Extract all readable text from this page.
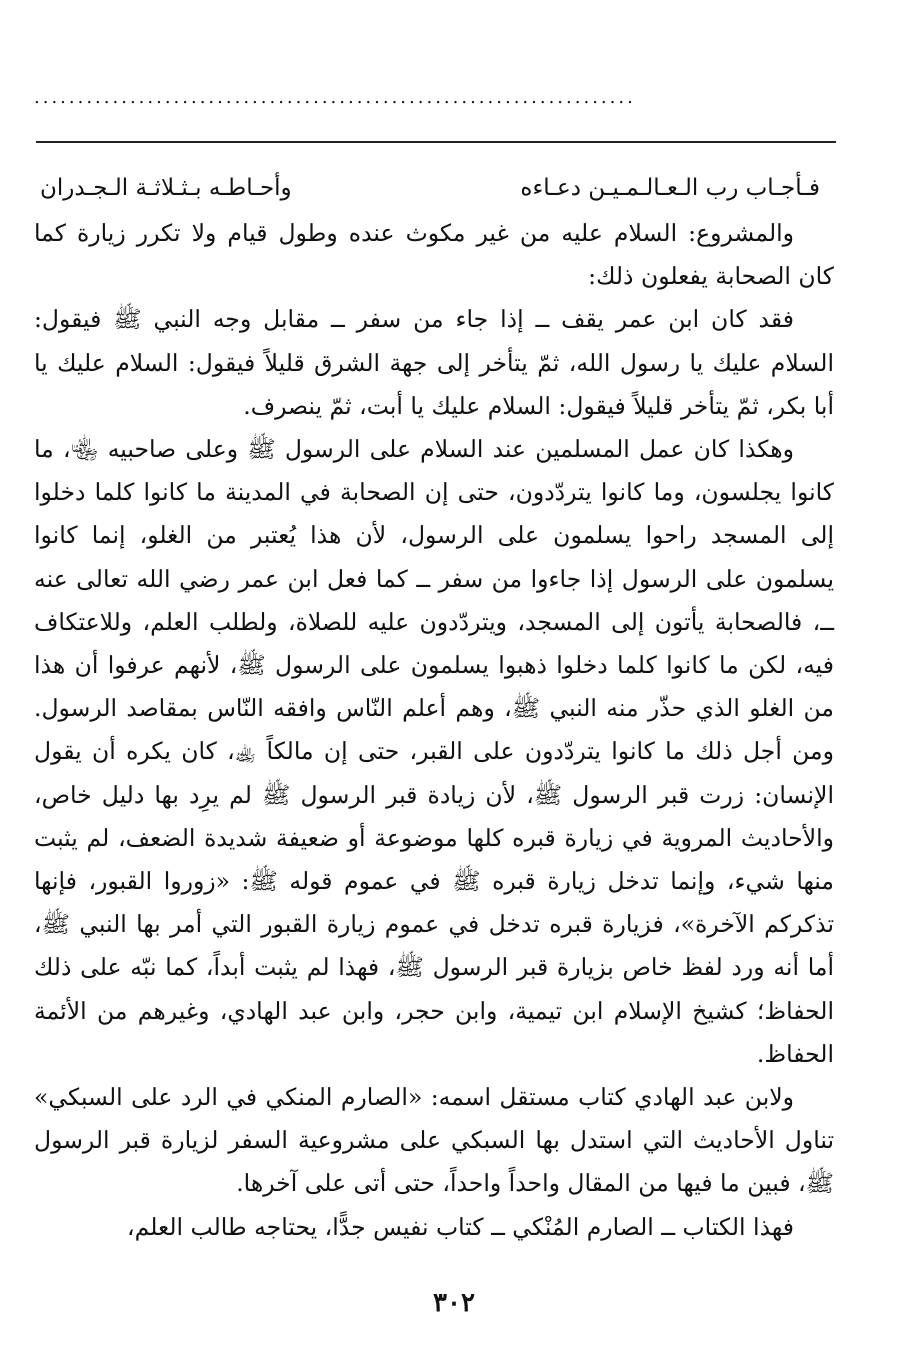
.....................................................................
فـأجـاب رب الـعـالـمـيـن دعـاءه
وأحـاطـه بـثـلاثـة الـجـدران

والمشروع: السلام عليه من غير مكوث عنده وطول قيام ولا تكرر زيارة كما كان الصحابة يفعلون ذلك:

فقد كان ابن عمر يقف ــ إذا جاء من سفر ــ مقابل وجه النبي ﷺ فيقول: السلام عليك يا رسول الله، ثمّ يتأخر إلى جهة الشرق قليلاً فيقول: السلام عليك يا أبا بكر، ثمّ يتأخر قليلاً فيقول: السلام عليك يا أبت، ثمّ ينصرف.

وهكذا كان عمل المسلمين عند السلام على الرسول ﷺ وعلى صاحبيه ﵄، ما كانوا يجلسون، وما كانوا يتردّدون، حتى إن الصحابة في المدينة ما كانوا كلما دخلوا إلى المسجد راحوا يسلمون على الرسول، لأن هذا يُعتبر من الغلو، إنما كانوا يسلمون على الرسول إذا جاءوا من سفر ــ كما فعل ابن عمر رضي الله تعالى عنه ــ، فالصحابة يأتون إلى المسجد، ويتردّدون عليه للصلاة، ولطلب العلم، وللاعتكاف فيه، لكن ما كانوا كلما دخلوا ذهبوا يسلمون على الرسول ﷺ، لأنهم عرفوا أن هذا من الغلو الذي حذّر منه النبي ﷺ، وهم أعلم النّاس وافقه النّاس بمقاصد الرسول. ومن أجل ذلك ما كانوا يتردّدون على القبر، حتى إن مالكاً ﵀، كان يكره أن يقول الإنسان: زرت قبر الرسول ﷺ، لأن زيادة قبر الرسول ﷺ لم يرِد بها دليل خاص، والأحاديث المروية في زيارة قبره كلها موضوعة أو ضعيفة شديدة الضعف، لم يثبت منها شيء، وإنما تدخل زيارة قبره ﷺ في عموم قوله ﷺ: «زوروا القبور، فإنها تذكركم الآخرة»، فزيارة قبره تدخل في عموم زيارة القبور التي أمر بها النبي ﷺ، أما أنه ورد لفظ خاص بزيارة قبر الرسول ﷺ، فهذا لم يثبت أبداً، كما نبّه على ذلك الحفاظ؛ كشيخ الإسلام ابن تيمية، وابن حجر، وابن عبد الهادي، وغيرهم من الأئمة الحفاظ.

ولابن عبد الهادي كتاب مستقل اسمه: «الصارم المنكي في الرد على السبكي» تناول الأحاديث التي استدل بها السبكي على مشروعية السفر لزيارة قبر الرسول ﷺ، فبين ما فيها من المقال واحداً واحداً، حتى أتى على آخرها.

فهذا الكتاب ــ الصارم المُنْكي ــ كتاب نفيس جدًّا، يحتاجه طالب العلم،

٣٠٢
